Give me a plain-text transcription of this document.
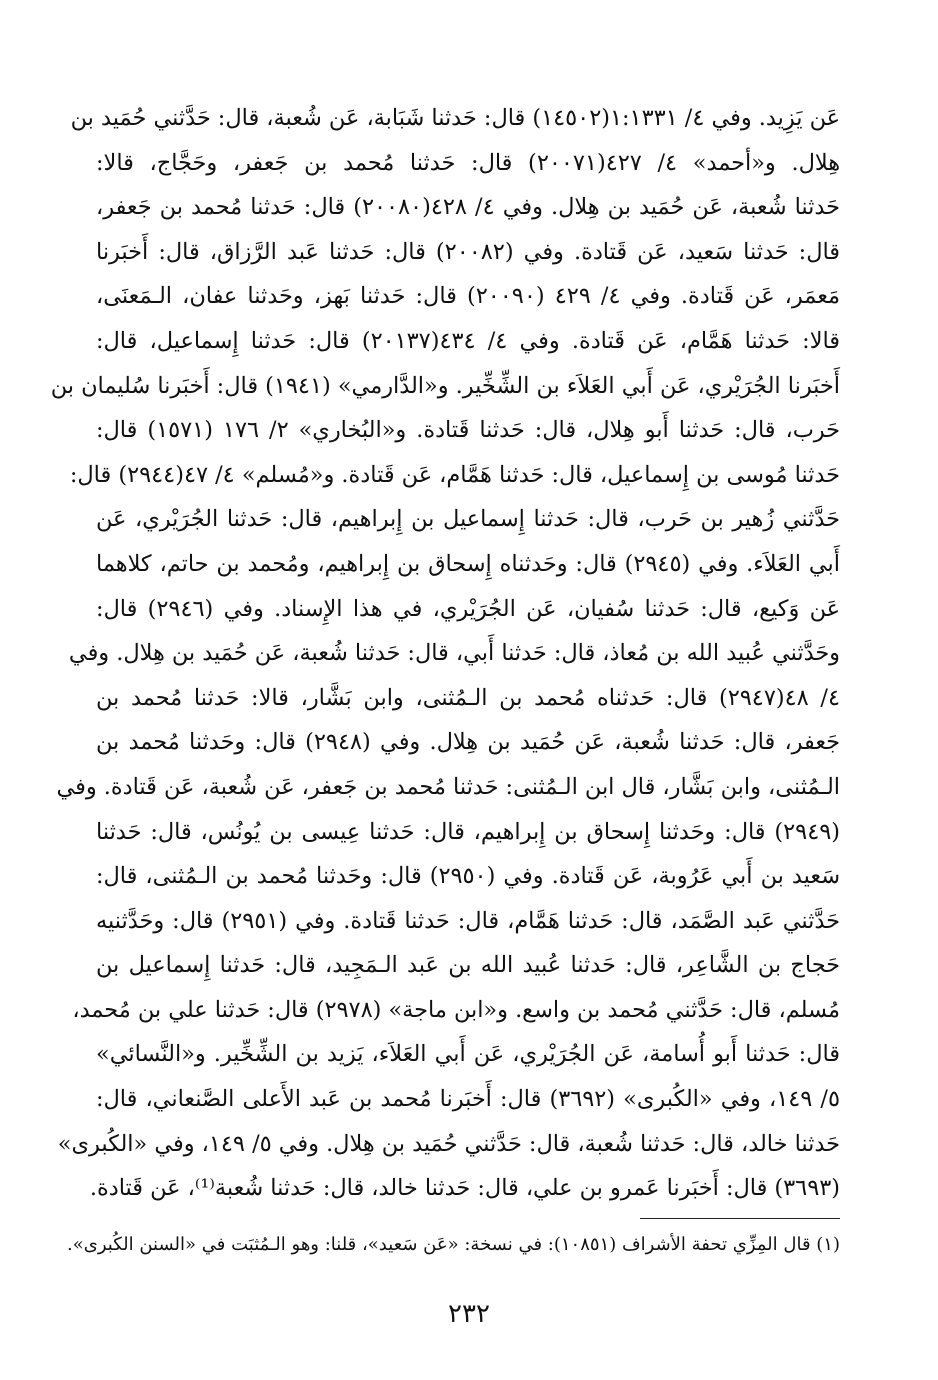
عَن يَزِيد. وفي ٤/ ١:١٣٣١(١٤٥٠٢) قال: حَدثنا شَبَابة، عَن شُعبة، قال: حَدَّثني حُمَيد بن
هِلال. و«أحمد» ٤/ ٤٢٧(٢٠٠٧١) قال: حَدثنا مُحمد بن جَعفر، وحَجَّاج، قالا:
حَدثنا شُعبة، عَن حُمَيد بن هِلال. وفي ٤/ ٤٢٨(٢٠٠٨٠) قال: حَدثنا مُحمد بن جَعفر،
قال: حَدثنا سَعيد، عَن قَتادة. وفي (٢٠٠٨٢) قال: حَدثنا عَبد الرَّزاق، قال: أَخبَرنا
مَعمَر، عَن قَتادة. وفي ٤/ ٤٢٩ (٢٠٠٩٠) قال: حَدثنا بَهز، وحَدثنا عفان، الـمَعنَى،
قالا: حَدثنا هَمَّام، عَن قَتادة. وفي ٤/ ٤٣٤(٢٠١٣٧) قال: حَدثنا إِسماعيل، قال:
أَخبَرنا الجُرَيْري، عَن أَبي العَلاَء بن الشِّخِّير. و«الدَّارمي» (١٩٤١) قال: أَخبَرنا سُليمان بن
حَرب، قال: حَدثنا أَبو هِلال، قال: حَدثنا قَتادة. و«البُخاري» ٢/ ١٧٦ (١٥٧١) قال:
حَدثنا مُوسى بن إِسماعيل، قال: حَدثنا هَمَّام، عَن قَتادة. و«مُسلم» ٤/ ٤٧(٢٩٤٤) قال:
حَدَّثني زُهير بن حَرب، قال: حَدثنا إِسماعيل بن إِبراهيم، قال: حَدثنا الجُرَيْري، عَن
أَبي العَلاَء. وفي (٢٩٤٥) قال: وحَدثناه إِسحاق بن إِبراهيم، ومُحمد بن حاتم، كلاهما
عَن وَكيع، قال: حَدثنا سُفيان، عَن الجُرَيْري، في هذا الإِسناد. وفي (٢٩٤٦) قال:
وحَدَّثني عُبيد الله بن مُعاذ، قال: حَدثنا أَبي، قال: حَدثنا شُعبة، عَن حُمَيد بن هِلال. وفي
٤/ ٤٨(٢٩٤٧) قال: حَدثناه مُحمد بن الـمُثنى، وابن بَشَّار، قالا: حَدثنا مُحمد بن
جَعفر، قال: حَدثنا شُعبة، عَن حُمَيد بن هِلال. وفي (٢٩٤٨) قال: وحَدثنا مُحمد بن
الـمُثنى، وابن بَشَّار، قال ابن الـمُثنى: حَدثنا مُحمد بن جَعفر، عَن شُعبة، عَن قَتادة. وفي
(٢٩٤٩) قال: وحَدثنا إِسحاق بن إِبراهيم، قال: حَدثنا عِيسى بن يُونُس، قال: حَدثنا
سَعيد بن أَبي عَرُوبة، عَن قَتادة. وفي (٢٩٥٠) قال: وحَدثنا مُحمد بن الـمُثنى، قال:
حَدَّثني عَبد الصَّمَد، قال: حَدثنا هَمَّام، قال: حَدثنا قَتادة. وفي (٢٩٥١) قال: وحَدَّثنيه
حَجاج بن الشَّاعِر، قال: حَدثنا عُبيد الله بن عَبد الـمَجِيد، قال: حَدثنا إِسماعيل بن
مُسلم، قال: حَدَّثني مُحمد بن واسع. و«ابن ماجة» (٢٩٧٨) قال: حَدثنا علي بن مُحمد،
قال: حَدثنا أَبو أُسامة، عَن الجُرَيْري، عَن أَبي العَلاَء، يَزيد بن الشِّخِّير. و«النَّسائي»
٥/ ١٤٩، وفي «الكُبرى» (٣٦٩٢) قال: أَخبَرنا مُحمد بن عَبد الأَعلى الصَّنعاني، قال:
حَدثنا خالد، قال: حَدثنا شُعبة، قال: حَدَّثني حُمَيد بن هِلال. وفي ٥/ ١٤٩، وفي «الكُبرى»
(٣٦٩٣) قال: أَخبَرنا عَمرو بن علي، قال: حَدثنا خالد، قال: حَدثنا شُعبة⁽¹⁾، عَن قَتادة.
(١) قال المِزِّي تحفة الأشراف (١٠٨٥١): في نسخة: «عَن سَعيد»، قلنا: وهو الـمُثبَت في «السنن الكُبرى».
٢٣٢
